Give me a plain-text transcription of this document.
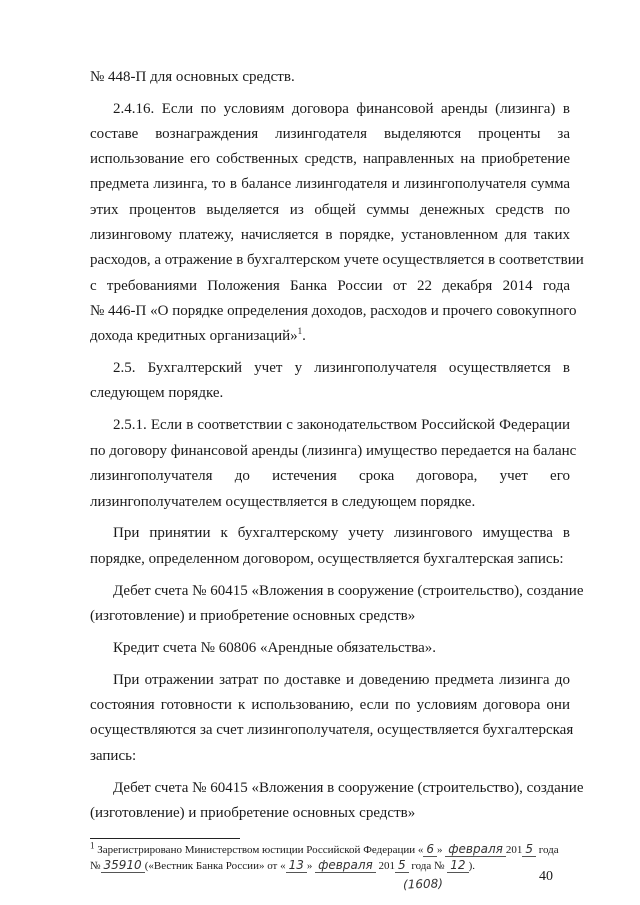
№ 448-П для основных средств.
2.4.16. Если по условиям договора финансовой аренды (лизинга) в
составе вознаграждения лизингодателя выделяются проценты за
использование его собственных средств, направленных на приобретение
предмета лизинга, то в балансе лизингодателя и лизингополучателя сумма
этих процентов выделяется из общей суммы денежных средств по
лизинговому платежу, начисляется в порядке, установленном для таких
расходов, а отражение в бухгалтерском учете осуществляется в соответствии
с требованиями Положения Банка России от 22 декабря 2014 года
№ 446-П «О порядке определения доходов, расходов и прочего совокупного
дохода кредитных организаций»$^1$.
2.5. Бухгалтерский учет у лизингополучателя осуществляется в
следующем порядке.
2.5.1. Если в соответствии с законодательством Российской Федерации
по договору финансовой аренды (лизинга) имущество передается на баланс
лизингополучателя до истечения срока договора, учет его
лизингополучателем осуществляется в следующем порядке.
При принятии к бухгалтерскому учету лизингового имущества в
порядке, определенном договором, осуществляется бухгалтерская запись:
Дебет счета № 60415 «Вложения в сооружение (строительство), создание
(изготовление) и приобретение основных средств»
Кредит счета № 60806 «Арендные обязательства».
При отражении затрат по доставке и доведению предмета лизинга до
состояния готовности к использованию, если по условиям договора они
осуществляются за счет лизингополучателя, осуществляется бухгалтерская
запись:
Дебет счета № 60415 «Вложения в сооружение (строительство), создание
(изготовление) и приобретение основных средств»
$^1$ Зарегистрировано Министерством юстиции Российской Федерации « 6 » февраля 201 5 года
№ 35910 («Вестник Банка России» от « 13 » февраля 201 5 года № 12 ).
(1608)	40
